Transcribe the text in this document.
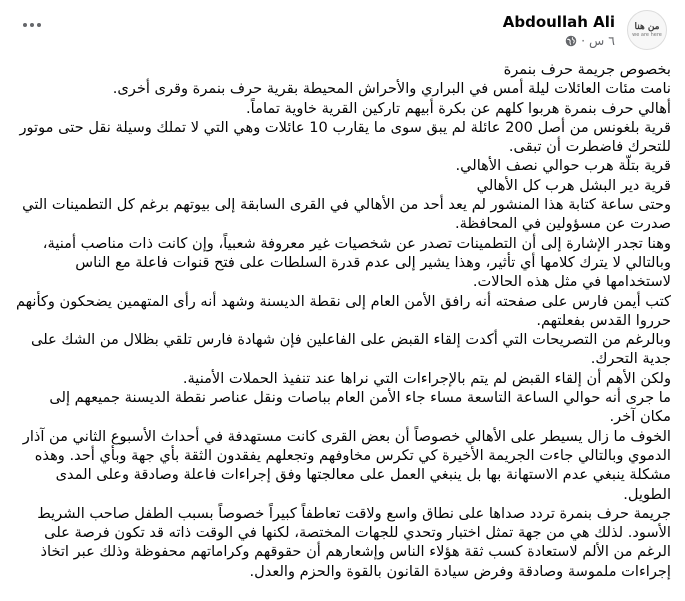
Abdoullah Ali
٦ س
·
من هنا
we are here

بخصوص جريمة حرف بنمرة

نامت مئات العائلات ليلة أمس في البراري والأحراش المحيطة بقرية حرف بنمرة وقرى أخرى.

أهالي حرف بنمرة هربوا كلهم عن بكرة أبيهم تاركين القرية خاوية تماماً.

قرية بلغونس من أصل 200 عائلة لم يبق سوى ما يقارب 10 عائلات وهي التي لا تملك وسيلة نقل حتى موتور للتحرك فاضطرت أن تبقى.

قرية بتلّة هرب حوالي نصف الأهالي.

قرية دير البشل هرب كل الأهالي

وحتى ساعة كتابة هذا المنشور لم يعد أحد من الأهالي في القرى السابقة إلى بيوتهم برغم كل التطمينات التي صدرت عن مسؤولين في المحافظة.

وهنا تجدر الإشارة إلى أن التطمينات تصدر عن شخصيات غير معروفة شعبياً، وإن كانت ذات مناصب أمنية، وبالتالي لا يترك كلامها أي تأثير، وهذا يشير إلى عدم قدرة السلطات على فتح قنوات فاعلة مع الناس لاستخدامها في مثل هذه الحالات.

كتب أيمن فارس على صفحته أنه رافق الأمن العام إلى نقطة الديسنة وشهد أنه رأى المتهمين يضحكون وكأنهم حرروا القدس بفعلتهم.

وبالرغم من التصريحات التي أكدت إلقاء القبض على الفاعلين فإن شهادة فارس تلقي بظلال من الشك على جدية التحرك.

ولكن الأهم أن إلقاء القبض لم يتم بالإجراءات التي نراها عند تنفيذ الحملات الأمنية.

ما جرى أنه حوالي الساعة التاسعة مساء جاء الأمن العام بباصات ونقل عناصر نقطة الديسنة جميعهم إلى مكان آخر.

الخوف ما زال يسيطر على الأهالي خصوصاً أن بعض القرى كانت مستهدفة في أحداث الأسبوع الثاني من آذار الدموي وبالتالي جاءت الجريمة الأخيرة كي تكرس مخاوفهم وتجعلهم يفقدون الثقة بأي جهة وبأي أحد. وهذه مشكلة ينبغي عدم الاستهانة بها بل ينبغي العمل على معالجتها وفق إجراءات فاعلة وصادقة وعلى المدى الطويل.

جريمة حرف بنمرة تردد صداها على نطاق واسع ولاقت تعاطفاً كبيراً خصوصاً بسبب الطفل صاحب الشريط الأسود. لذلك هي من جهة تمثل اختبار وتحدي للجهات المختصة، لكنها في الوقت ذاته قد تكون فرصة على الرغم من الألم لاستعادة كسب ثقة هؤلاء الناس وإشعارهم أن حقوقهم وكراماتهم محفوظة وذلك عبر اتخاذ إجراءات ملموسة وصادقة وفرض سيادة القانون بالقوة والحزم والعدل.
